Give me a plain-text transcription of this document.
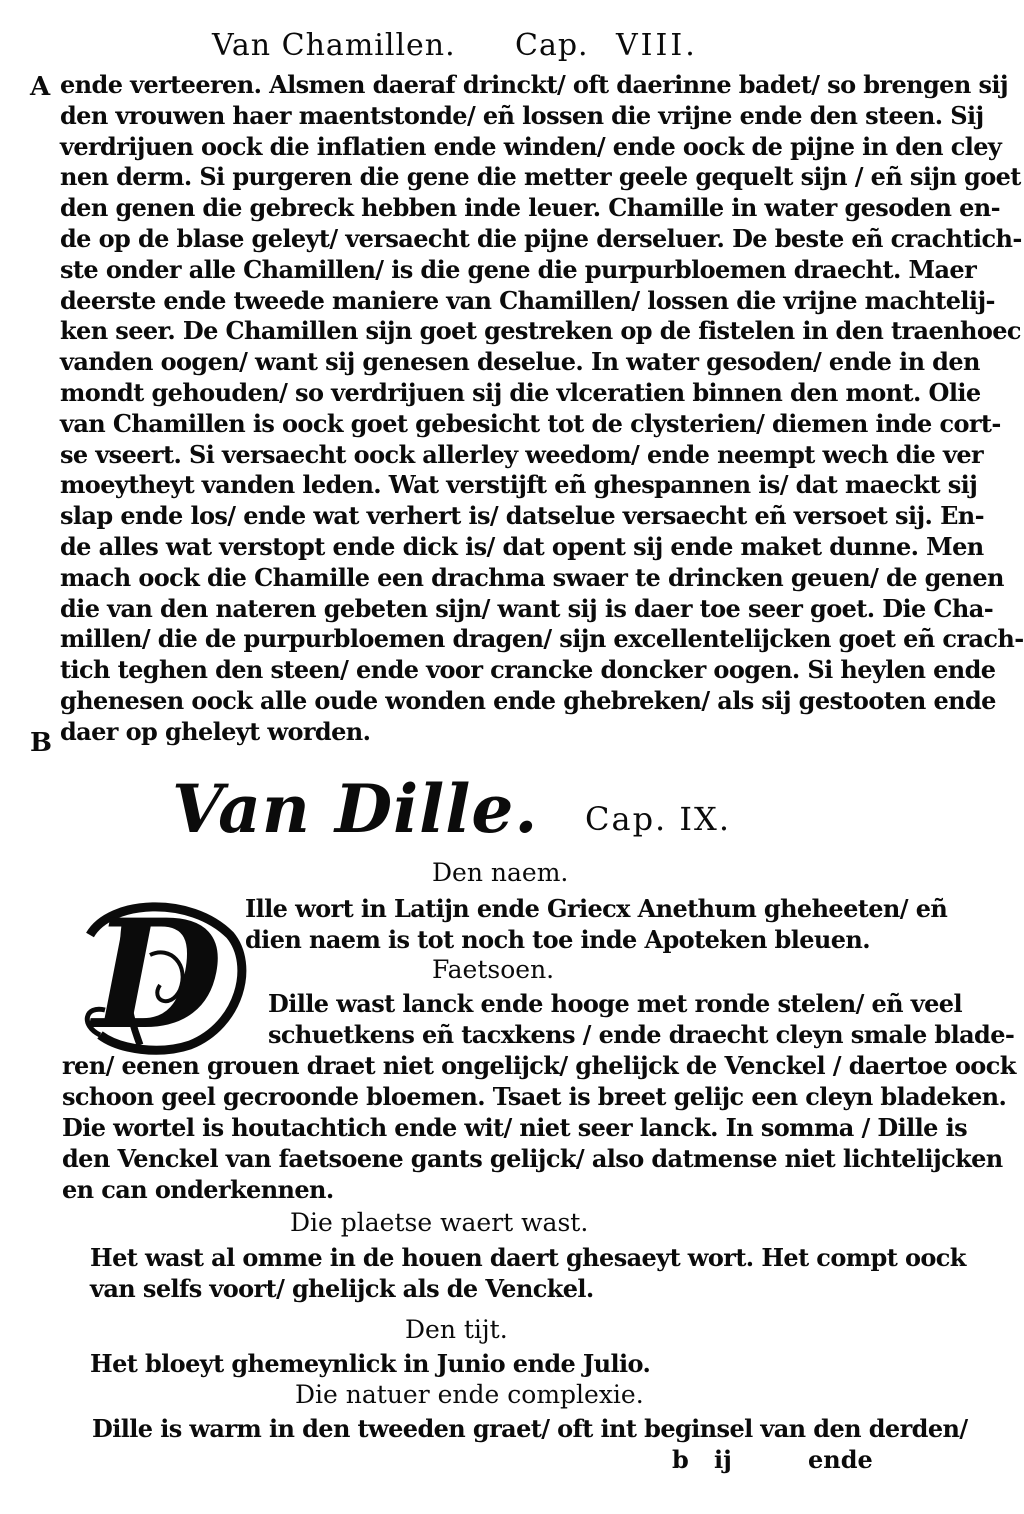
Van Chamillen. Cap. VIII.
A
B
ende verteeren. Alsmen daeraf drinckt/ oft daerinne badet/ so brengen sij
den vrouwen haer maentstonde/ eñ lossen die vrijne ende den steen. Sij
verdrijuen oock die inflatien ende winden/ ende oock de pijne in den cley
nen derm. Si purgeren die gene die metter geele gequelt sijn / eñ sijn goet
den genen die gebreck hebben inde leuer. Chamille in water gesoden en-
de op de blase geleyt/ versaecht die pijne derseluer. De beste eñ crachtich-
ste onder alle Chamillen/ is die gene die purpurbloemen draecht. Maer
deerste ende tweede maniere van Chamillen/ lossen die vrijne machtelij-
ken seer. De Chamillen sijn goet gestreken op de fistelen in den traenhoec
vanden oogen/ want sij genesen deselue. In water gesoden/ ende in den
mondt gehouden/ so verdrijuen sij die vlceratien binnen den mont. Olie
van Chamillen is oock goet gebesicht tot de clysterien/ diemen inde cort-
se vseert. Si versaecht oock allerley weedom/ ende neempt wech die ver
moeytheyt vanden leden. Wat verstijft eñ ghespannen is/ dat maeckt sij
slap ende los/ ende wat verhert is/ datselue versaecht eñ versoet sij. En-
de alles wat verstopt ende dick is/ dat opent sij ende maket dunne. Men
mach oock die Chamille een drachma swaer te drincken geuen/ de genen
die van den nateren gebeten sijn/ want sij is daer toe seer goet. Die Cha-
millen/ die de purpurbloemen dragen/ sijn excellentelijcken goet eñ crach-
tich teghen den steen/ ende voor crancke doncker oogen. Si heylen ende
ghenesen oock alle oude wonden ende ghebreken/ als sij gestooten ende
daer op gheleyt worden.
Van Dille. Cap. IX.
Den naem.
D Ille wort in Latijn ende Griecx Anethum gheheeten/ eñ
dien naem is tot noch toe inde Apoteken bleuen.
Faetsoen.
Dille wast lanck ende hooge met ronde stelen/ eñ veel
schuetkens eñ tacxkens / ende draecht cleyn smale blade-
ren/ eenen grouen draet niet ongelijck/ ghelijck de Venckel / daertoe oock
schoon geel gecroonde bloemen. Tsaet is breet gelijc een cleyn bladeken.
Die wortel is houtachtich ende wit/ niet seer lanck. In somma / Dille is
den Venckel van faetsoene gants gelijck/ also datmense niet lichtelijcken
en can onderkennen.
Die plaetse waert wast.
Het wast al omme in de houen daert ghesaeyt wort. Het compt oock
van selfs voort/ ghelijck als de Venckel.
Den tijt.
Het bloeyt ghemeynlick in Junio ende Julio.
Die natuer ende complexie.
Dille is warm in den tweeden graet/ oft int beginsel van den derden/
b ij	ende
